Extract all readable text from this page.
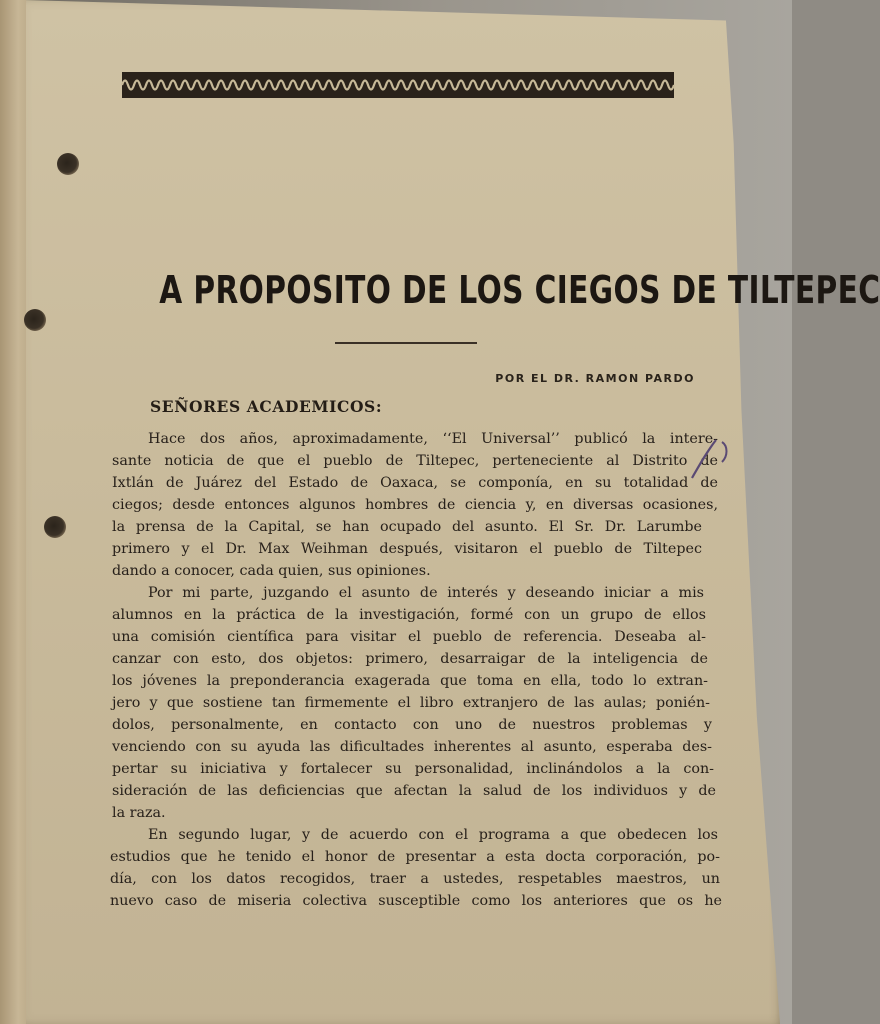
A PROPOSITO DE LOS CIEGOS DE TILTEPEC
POR EL DR. RAMON PARDO
SEÑORES ACADEMICOS:
Hace dos años, aproximadamente, ‘‘El Universal’’ publicó la intere-
sante noticia de que el pueblo de Tiltepec, perteneciente al Distrito de
Ixtlán de Juárez del Estado de Oaxaca, se componía, en su totalidad de
ciegos; desde entonces algunos hombres de ciencia y, en diversas ocasiones,
la prensa de la Capital, se han ocupado del asunto. El Sr. Dr. Larumbe
primero y el Dr. Max Weihman después, visitaron el pueblo de Tiltepec
dando a conocer, cada quien, sus opiniones.
Por mi parte, juzgando el asunto de interés y deseando iniciar a mis
alumnos en la práctica de la investigación, formé con un grupo de ellos
una comisión científica para visitar el pueblo de referencia. Deseaba al-
canzar con esto, dos objetos: primero, desarraigar de la inteligencia de
los jóvenes la preponderancia exagerada que toma en ella, todo lo extran-
jero y que sostiene tan firmemente el libro extranjero de las aulas; ponién-
dolos, personalmente, en contacto con uno de nuestros problemas y
venciendo con su ayuda las dificultades inherentes al asunto, esperaba des-
pertar su iniciativa y fortalecer su personalidad, inclinándolos a la con-
sideración de las deficiencias que afectan la salud de los individuos y de
la raza.
En segundo lugar, y de acuerdo con el programa a que obedecen los
estudios que he tenido el honor de presentar a esta docta corporación, po-
día, con los datos recogidos, traer a ustedes, respetables maestros, un
nuevo caso de miseria colectiva susceptible como los anteriores que os he
